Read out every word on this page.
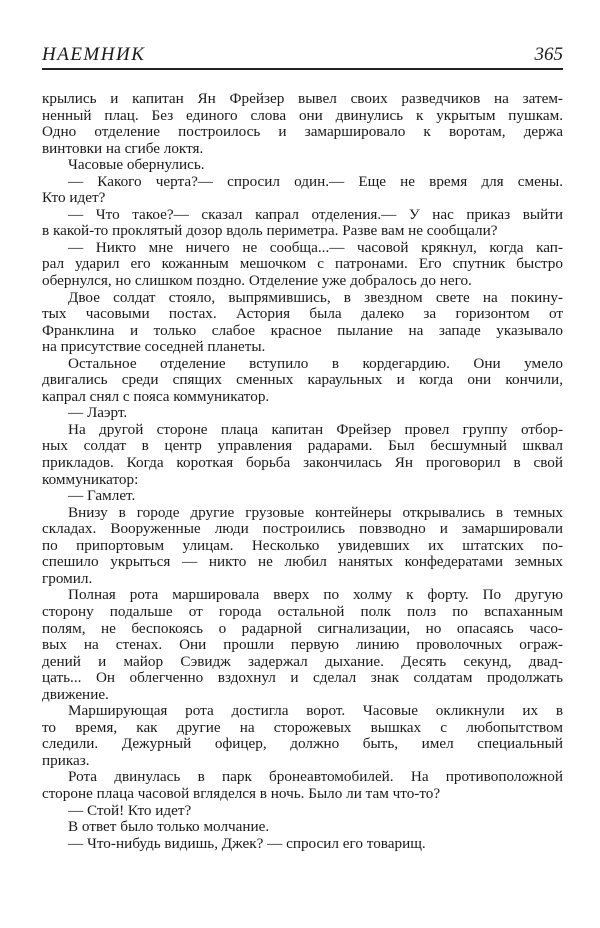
НАЕМНИК	365
крылись и капитан Ян Фрейзер вывел своих разведчиков на затем-
ненный плац. Без единого слова они двинулись к укрытым пушкам.
Одно отделение построилось и замаршировало к воротам, держа
винтовки на сгибе локтя.
Часовые обернулись.
— Какого черта?— спросил один.— Еще не время для смены.
Кто идет?
— Что такое?— сказал капрал отделения.— У нас приказ выйти
в какой-то проклятый дозор вдоль периметра. Разве вам не сообщали?
— Никто мне ничего не сообща...— часовой крякнул, когда кап-
рал ударил его кожанным мешочком с патронами. Его спутник быстро
обернулся, но слишком поздно. Отделение уже добралось до него.
Двое солдат стояло, выпрямившись, в звездном свете на покину-
тых часовыми постах. Астория была далеко за горизонтом от
Франклина и только слабое красное пылание на западе указывало
на присутствие соседней планеты.
Остальное отделение вступило в кордегардию. Они умело
двигались среди спящих сменных караульных и когда они кончили,
капрал снял с пояса коммуникатор.
— Лаэрт.
На другой стороне плаца капитан Фрейзер провел группу отбор-
ных солдат в центр управления радарами. Был бесшумный шквал
прикладов. Когда короткая борьба закончилась Ян проговорил в свой
коммуникатор:
— Гамлет.
Внизу в городе другие грузовые контейнеры открывались в темных
складах. Вооруженные люди построились повзводно и замаршировали
по припортовым улицам. Несколько увидевших их штатских по-
спешило укрыться — никто не любил нанятых конфедератами земных
громил.
Полная рота маршировала вверх по холму к форту. По другую
сторону подальше от города остальной полк полз по вспаханным
полям, не беспокоясь о радарной сигнализации, но опасаясь часо-
вых на стенах. Они прошли первую линию проволочных ограж-
дений и майор Сэвидж задержал дыхание. Десять секунд, двад-
цать... Он облегченно вздохнул и сделал знак солдатам продолжать
движение.
Марширующая рота достигла ворот. Часовые окликнули их в
то время, как другие на сторожевых вышках с любопытством
следили. Дежурный офицер, должно быть, имел специальный
приказ.
Рота двинулась в парк бронеавтомобилей. На противоположной
стороне плаца часовой вгляделся в ночь. Было ли там что-то?
— Стой! Кто идет?
В ответ было только молчание.
— Что-нибудь видишь, Джек? — спросил его товарищ.
